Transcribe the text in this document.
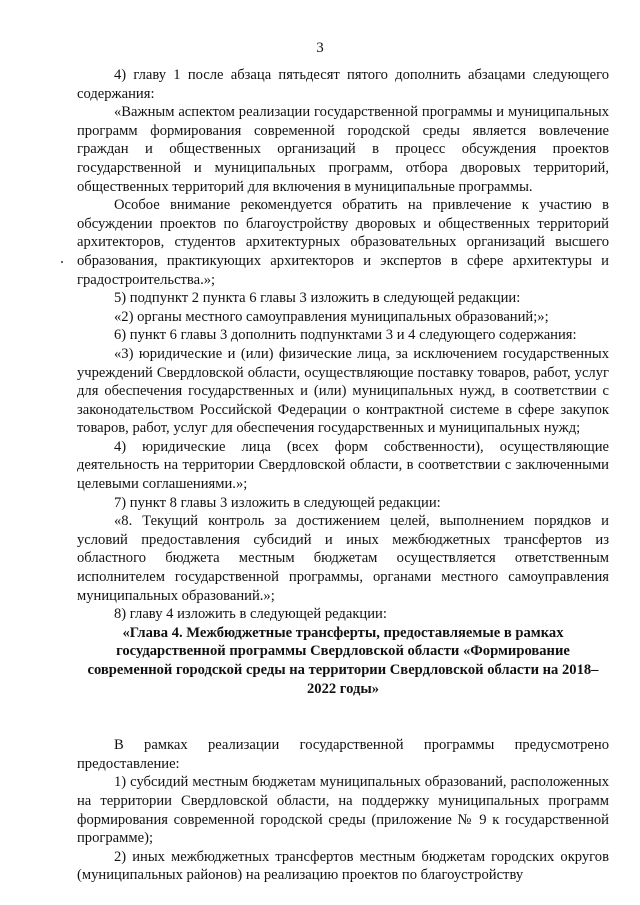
3

4) главу 1 после абзаца пятьдесят пятого дополнить абзацами следующего содержания:

«Важным аспектом реализации государственной программы и муниципальных программ формирования современной городской среды является вовлечение граждан и общественных организаций в процесс обсуждения проектов государственной и муниципальных программ, отбора дворовых территорий, общественных территорий для включения в муниципальные программы.

Особое внимание рекомендуется обратить на привлечение к участию в обсуждении проектов по благоустройству дворовых и общественных территорий архитекторов, студентов архитектурных образовательных организаций высшего образования, практикующих архитекторов и экспертов в сфере архитектуры и градостроительства.»;

5) подпункт 2 пункта 6 главы 3 изложить в следующей редакции:

«2) органы местного самоуправления муниципальных образований;»;

6) пункт 6 главы 3 дополнить подпунктами 3 и 4 следующего содержания:

«3) юридические и (или) физические лица, за исключением государственных учреждений Свердловской области, осуществляющие поставку товаров, работ, услуг для обеспечения государственных и (или) муниципальных нужд, в соответствии с законодательством Российской Федерации о контрактной системе в сфере закупок товаров, работ, услуг для обеспечения государственных и муниципальных нужд;

4) юридические лица (всех форм собственности), осуществляющие деятельность на территории Свердловской области, в соответствии с заключенными целевыми соглашениями.»;

7) пункт 8 главы 3 изложить в следующей редакции:

«8. Текущий контроль за достижением целей, выполнением порядков и условий предоставления субсидий и иных межбюджетных трансфертов из областного бюджета местным бюджетам осуществляется ответственным исполнителем государственной программы, органами местного самоуправления муниципальных образований.»;

8) главу 4 изложить в следующей редакции:

«Глава 4. Межбюджетные трансферты, предоставляемые в рамках государственной программы Свердловской области «Формирование современной городской среды на территории Свердловской области на 2018–2022 годы»

В рамках реализации государственной программы предусмотрено предоставление:

1) субсидий местным бюджетам муниципальных образований, расположенных на территории Свердловской области, на поддержку муниципальных программ формирования современной городской среды (приложение № 9 к государственной программе);

2) иных межбюджетных трансфертов местным бюджетам городских округов (муниципальных районов) на реализацию проектов по благоустройству
